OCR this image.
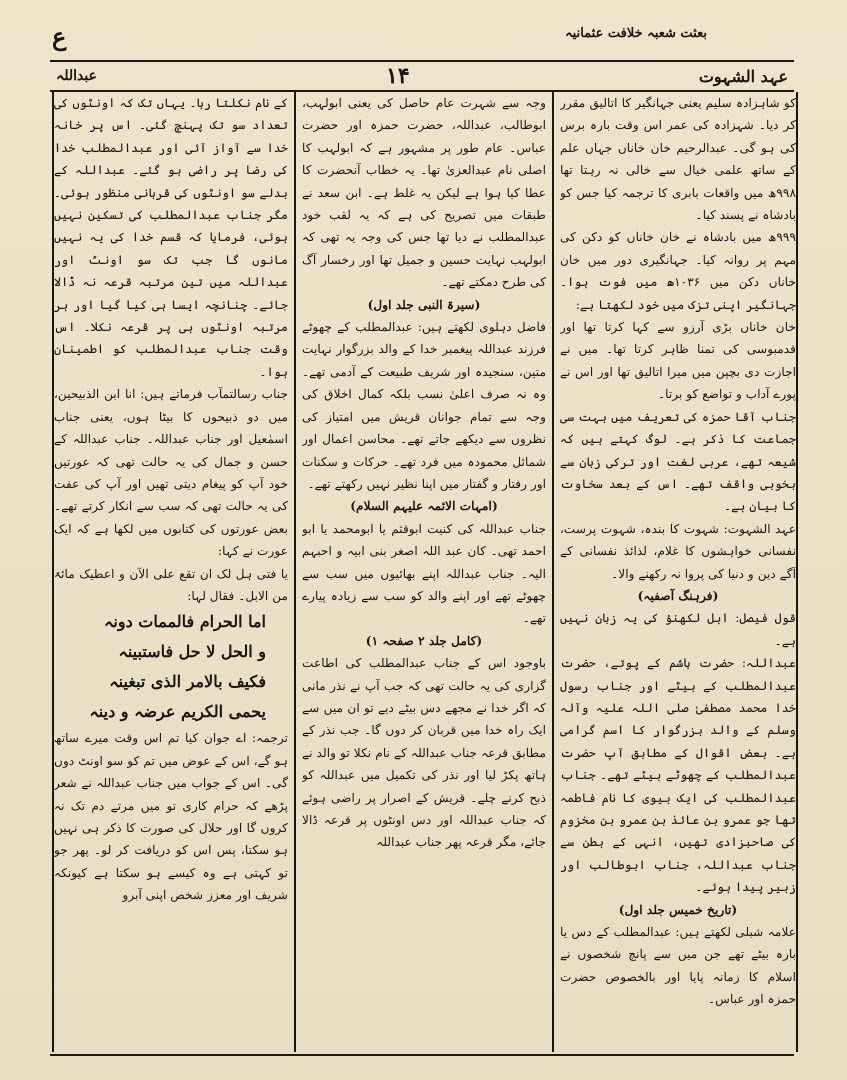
ع	بعثت شعبہ خلافت عثمانیہ
عبداللہ	۱۴	عہد الشہوت

کو شاہزادہ سلیم یعنی جہانگیر کا اتالیق مقرر کر دیا۔ شہزادہ کی عمر اس وقت بارہ برس کی ہو گی۔ عبدالرحیم خان خاناں جہاں علم کے ساتھ علمی خیال سے خالی نہ رہتا تھا ۹۹۸ھ میں واقعات بابری کا ترجمہ کیا جس کو بادشاہ نے پسند کیا۔

۹۹۹ھ میں بادشاہ نے خان خاناں کو دکن کی مہم پر روانہ کیا۔ جہانگیری دور میں خان خاناں دکن میں ۱۰۳۶ھ میں فوت ہوا۔ جہانگیر اپنی تزک میں خود لکھتا ہے:

خان خاناں بڑی آرزو سے کہا کرتا تھا اور قدمبوسی کی تمنا ظاہر کرتا تھا۔ میں نے اجازت دی بچپن میں میرا اتالیق تھا اور اس نے پورے آداب و تواضع کو برتا۔

جناب آقا حمزہ کی تعریف میں بہت سی جماعت کا ذکر ہے۔ لوگ کہتے ہیں کہ شیعہ تھے، عربی لغت اور ترکی زبان سے بخوبی واقف تھے۔ اس کے بعد سخاوت کا بیان ہے۔

عہد الشہوت: شہوت کا بندہ، شہوت پرست، نفسانی خواہشوں کا غلام، لذائذ نفسانی کے آگے دین و دنیا کی پروا نہ رکھنے والا۔

(فرہنگ آصفیہ)

قول فیصل: اہل لکھنؤ کی یہ زبان نہیں ہے۔

عبداللہ: حضرت ہاشم کے پوتے، حضرت عبدالمطلب کے بیٹے اور جناب رسول خدا محمد مصطفیٰ صلی اللہ علیہ وآلہ وسلم کے والد بزرگوار کا اسم گرامی ہے۔ بعض اقوال کے مطابق آپ حضرت عبدالمطلب کے چھوٹے بیٹے تھے۔ جناب عبدالمطلب کی ایک بیوی کا نام فاطمہ تھا جو عمرو بن عائذ بن عمرو بن مخزوم کی صاحبزادی تھیں، انہی کے بطن سے جناب عبداللہ، جناب ابوطالب اور زبیر پیدا ہوئے۔

(تاریخ خمیس جلد اول)

علامہ شبلی لکھتے ہیں: عبدالمطلب کے دس یا بارہ بیٹے تھے جن میں سے پانچ شخصوں نے اسلام کا زمانہ پایا اور بالخصوص حضرت حمزہ اور عباس۔

وجہ سے شہرت عام حاصل کی یعنی ابولہب، ابوطالب، عبداللہ، حضرت حمزہ اور حضرت عباس۔ عام طور پر مشہور ہے کہ ابولہب کا اصلی نام عبدالعزیٰ تھا۔ یہ خطاب آنحضرت کا عطا کیا ہوا ہے لیکن یہ غلط ہے۔ ابن سعد نے طبقات میں تصریح کی ہے کہ یہ لقب خود عبدالمطلب نے دیا تھا جس کی وجہ یہ تھی کہ ابولہب نہایت حسین و جمیل تھا اور رخسار آگ کی طرح دمکتے تھے۔

(سیرۃ النبی جلد اول)

فاضل دہلوی لکھتے ہیں: عبدالمطلب کے چھوٹے فرزند عبداللہ پیغمبر خدا کے والد بزرگوار نہایت متین، سنجیدہ اور شریف طبیعت کے آدمی تھے۔ وہ نہ صرف اعلیٰ نسب بلکہ کمال اخلاق کی وجہ سے تمام جوانان قریش میں امتیاز کی نظروں سے دیکھے جاتے تھے۔ محاسن اعمال اور شمائل محمودہ میں فرد تھے۔ حرکات و سکنات اور رفتار و گفتار میں اپنا نظیر نہیں رکھتے تھے۔

(امہات الائمہ علیہم السلام)

جناب عبداللہ کی کنیت ابوقثم یا ابومحمد یا ابو احمد تھی۔ کان عبد اللہ اصغر بنی ابیہ و احبہم الیہ۔ جناب عبداللہ اپنے بھائیوں میں سب سے چھوٹے تھے اور اپنے والد کو سب سے زیادہ پیارے تھے۔

(کامل جلد ۲ صفحہ ۱)

باوجود اس کے جناب عبدالمطلب کی اطاعت گزاری کی یہ حالت تھی کہ جب آپ نے نذر مانی کہ اگر خدا نے مجھے دس بیٹے دیے تو ان میں سے ایک راہ خدا میں قربان کر دوں گا۔ جب نذر کے مطابق قرعہ جناب عبداللہ کے نام نکلا تو والد نے ہاتھ پکڑ لیا اور نذر کی تکمیل میں عبداللہ کو ذبح کرنے چلے۔ قریش کے اصرار پر راضی ہوئے کہ جناب عبداللہ اور دس اونٹوں پر قرعہ ڈالا جائے، مگر قرعہ پھر جناب عبداللہ

کے نام نکلتا رہا۔ یہاں تک کہ اونٹوں کی تعداد سو تک پہنچ گئی۔ اس پر خانہ خدا سے آواز آئی اور عبدالمطلب خدا کی رضا پر راضی ہو گئے۔ عبداللہ کے بدلے سو اونٹوں کی قربانی منظور ہوئی۔ مگر جناب عبدالمطلب کی تسکین نہیں ہوئی، فرمایا کہ قسم خدا کی یہ نہیں مانوں گا جب تک سو اونٹ اور عبداللہ میں تین مرتبہ قرعہ نہ ڈالا جائے۔ چنانچہ ایسا ہی کیا گیا اور ہر مرتبہ اونٹوں ہی پر قرعہ نکلا۔ اس وقت جناب عبدالمطلب کو اطمینان ہوا۔

جناب رسالتمآب فرماتے ہیں: انا ابن الذبیحین، میں دو ذبیحوں کا بیٹا ہوں، یعنی جناب اسمٰعیل اور جناب عبداللہ۔ جناب عبداللہ کے حسن و جمال کی یہ حالت تھی کہ عورتیں خود آپ کو پیغام دیتی تھیں اور آپ کی عفت کی یہ حالت تھی کہ سب سے انکار کرتے تھے۔ بعض عورتوں کی کتابوں میں لکھا ہے کہ ایک عورت نے کہا:

یا فتی ہل لک ان تقع علی الآن و اعطیک مائۃ من الابل۔ فقال لہا:

اما الحرام فالممات دونہ

و الحل لا حل فاستبینہ

فکیف بالامر الذی تبغینہ

یحمی الکریم عرضہ و دینہ

ترجمہ: اے جوان کیا تم اس وقت میرے ساتھ ہو گے، اس کے عوض میں تم کو سو اونٹ دوں گی۔ اس کے جواب میں جناب عبداللہ نے شعر پڑھے کہ حرام کاری تو میں مرتے دم تک نہ کروں گا اور حلال کی صورت کا ذکر ہی نہیں ہو سکتا، پس اس کو دریافت کر لو۔ پھر جو تو کہتی ہے وہ کیسے ہو سکتا ہے کیونکہ شریف اور معزز شخص اپنی آبرو
